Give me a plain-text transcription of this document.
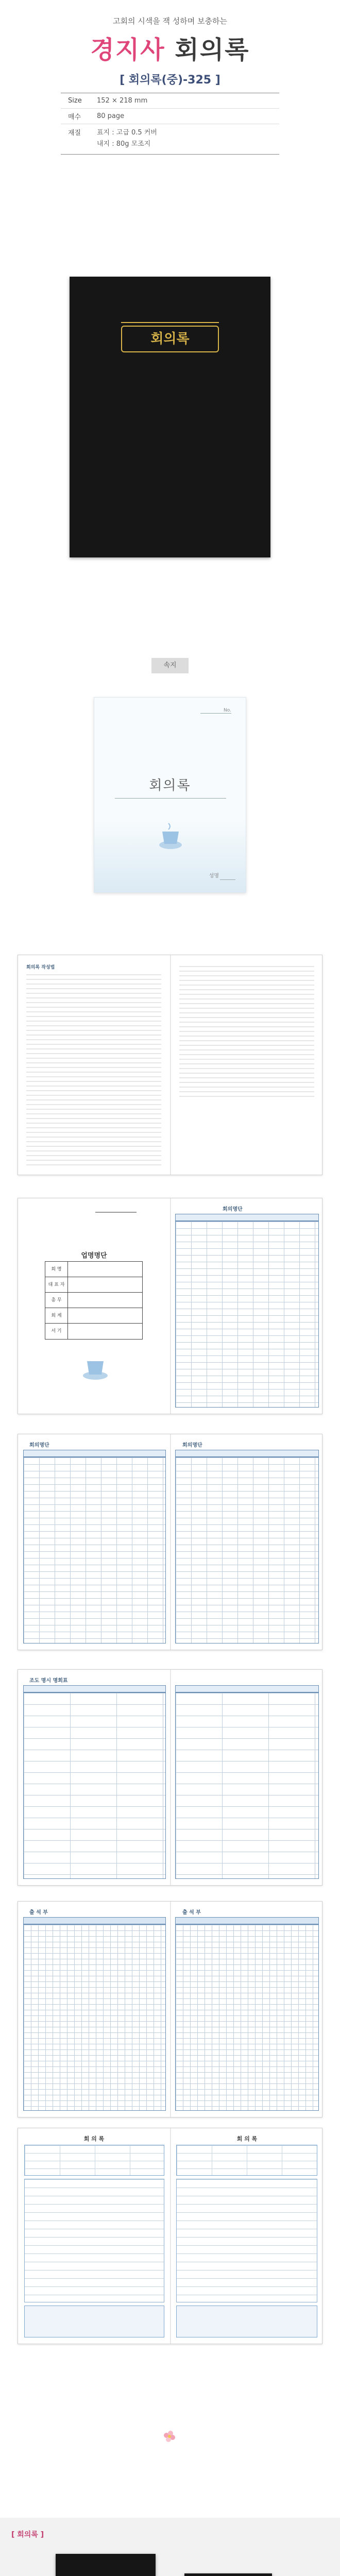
고회의 시색을 잭 성하며 보충하는
경지사 회의록
[ 회의록(중)-325 ]
Size	152 × 218 mm
매수	80 page
재질	표지 : 고급 0.5 커버
내지 : 80g 모조지
회의록
속지
No.
회의록
성명
회의록 작성법
업명명단
회 명
대 표 자
총 무
회 계
서 기
회의명단
회의명단	회의명단
조도 명시 명회표
출 석 부	출 석 부
회 의 록	회 의 록
[ 회의록 ]
